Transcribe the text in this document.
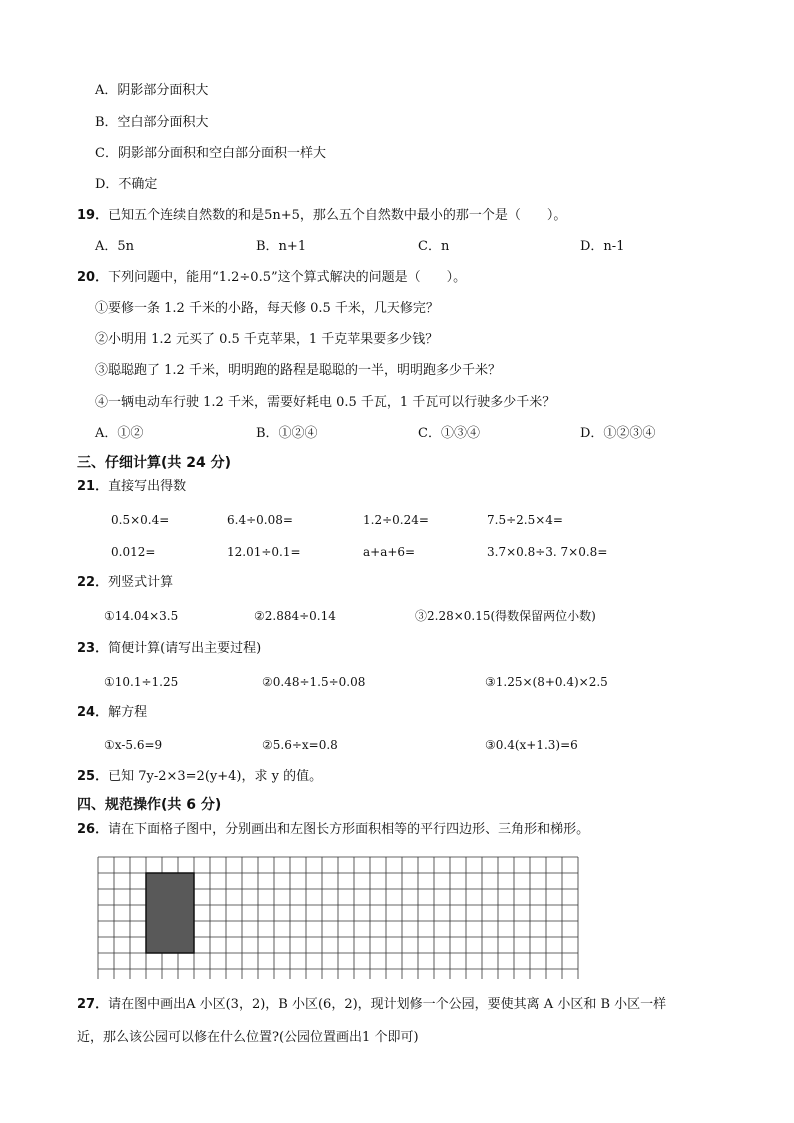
A．阴影部分面积大
B．空白部分面积大
C．阴影部分面积和空白部分面积一样大
D．不确定
19．已知五个连续自然数的和是5n+5，那么五个自然数中最小的那一个是（　　）。
A．5n	B．n+1	C．n	D．n-1
20．下列问题中，能用“1.2÷0.5”这个算式解决的问题是（　　）。
①要修一条 1.2 千米的小路，每天修 0.5 千米，几天修完？
②小明用 1.2 元买了 0.5 千克苹果，1 千克苹果要多少钱？
③聪聪跑了 1.2 千米，明明跑的路程是聪聪的一半，明明跑多少千米？
④一辆电动车行驶 1.2 千米，需要好耗电 0.5 千瓦，1 千瓦可以行驶多少千米？
A．①②	B．①②④	C．①③④	D．①②③④
三、仔细计算(共 24 分)
21．直接写出得数
0.5×0.4=	6.4÷0.08=	1.2÷0.24=	7.5÷2.5×4=
0.012=	12.01÷0.1=	a+a+6=	3.7×0.8÷3. 7×0.8=
22．列竖式计算
①14.04×3.5	②2.884÷0.14	③2.28×0.15(得数保留两位小数)
23．简便计算(请写出主要过程)
①10.1÷1.25	②0.48÷1.5÷0.08	③1.25×(8+0.4)×2.5
24．解方程
①x-5.6=9	②5.6÷x=0.8	③0.4(x+1.3)=6
25．已知 7y-2×3=2(y+4)，求 y 的值。
四、规范操作(共 6 分)
26．请在下面格子图中，分别画出和左图长方形面积相等的平行四边形、三角形和梯形。
27．请在图中画出A 小区(3，2)，B 小区(6，2)，现计划修一个公园，要使其离 A 小区和 B 小区一样
近，那么该公园可以修在什么位置?(公园位置画出1 个即可)
